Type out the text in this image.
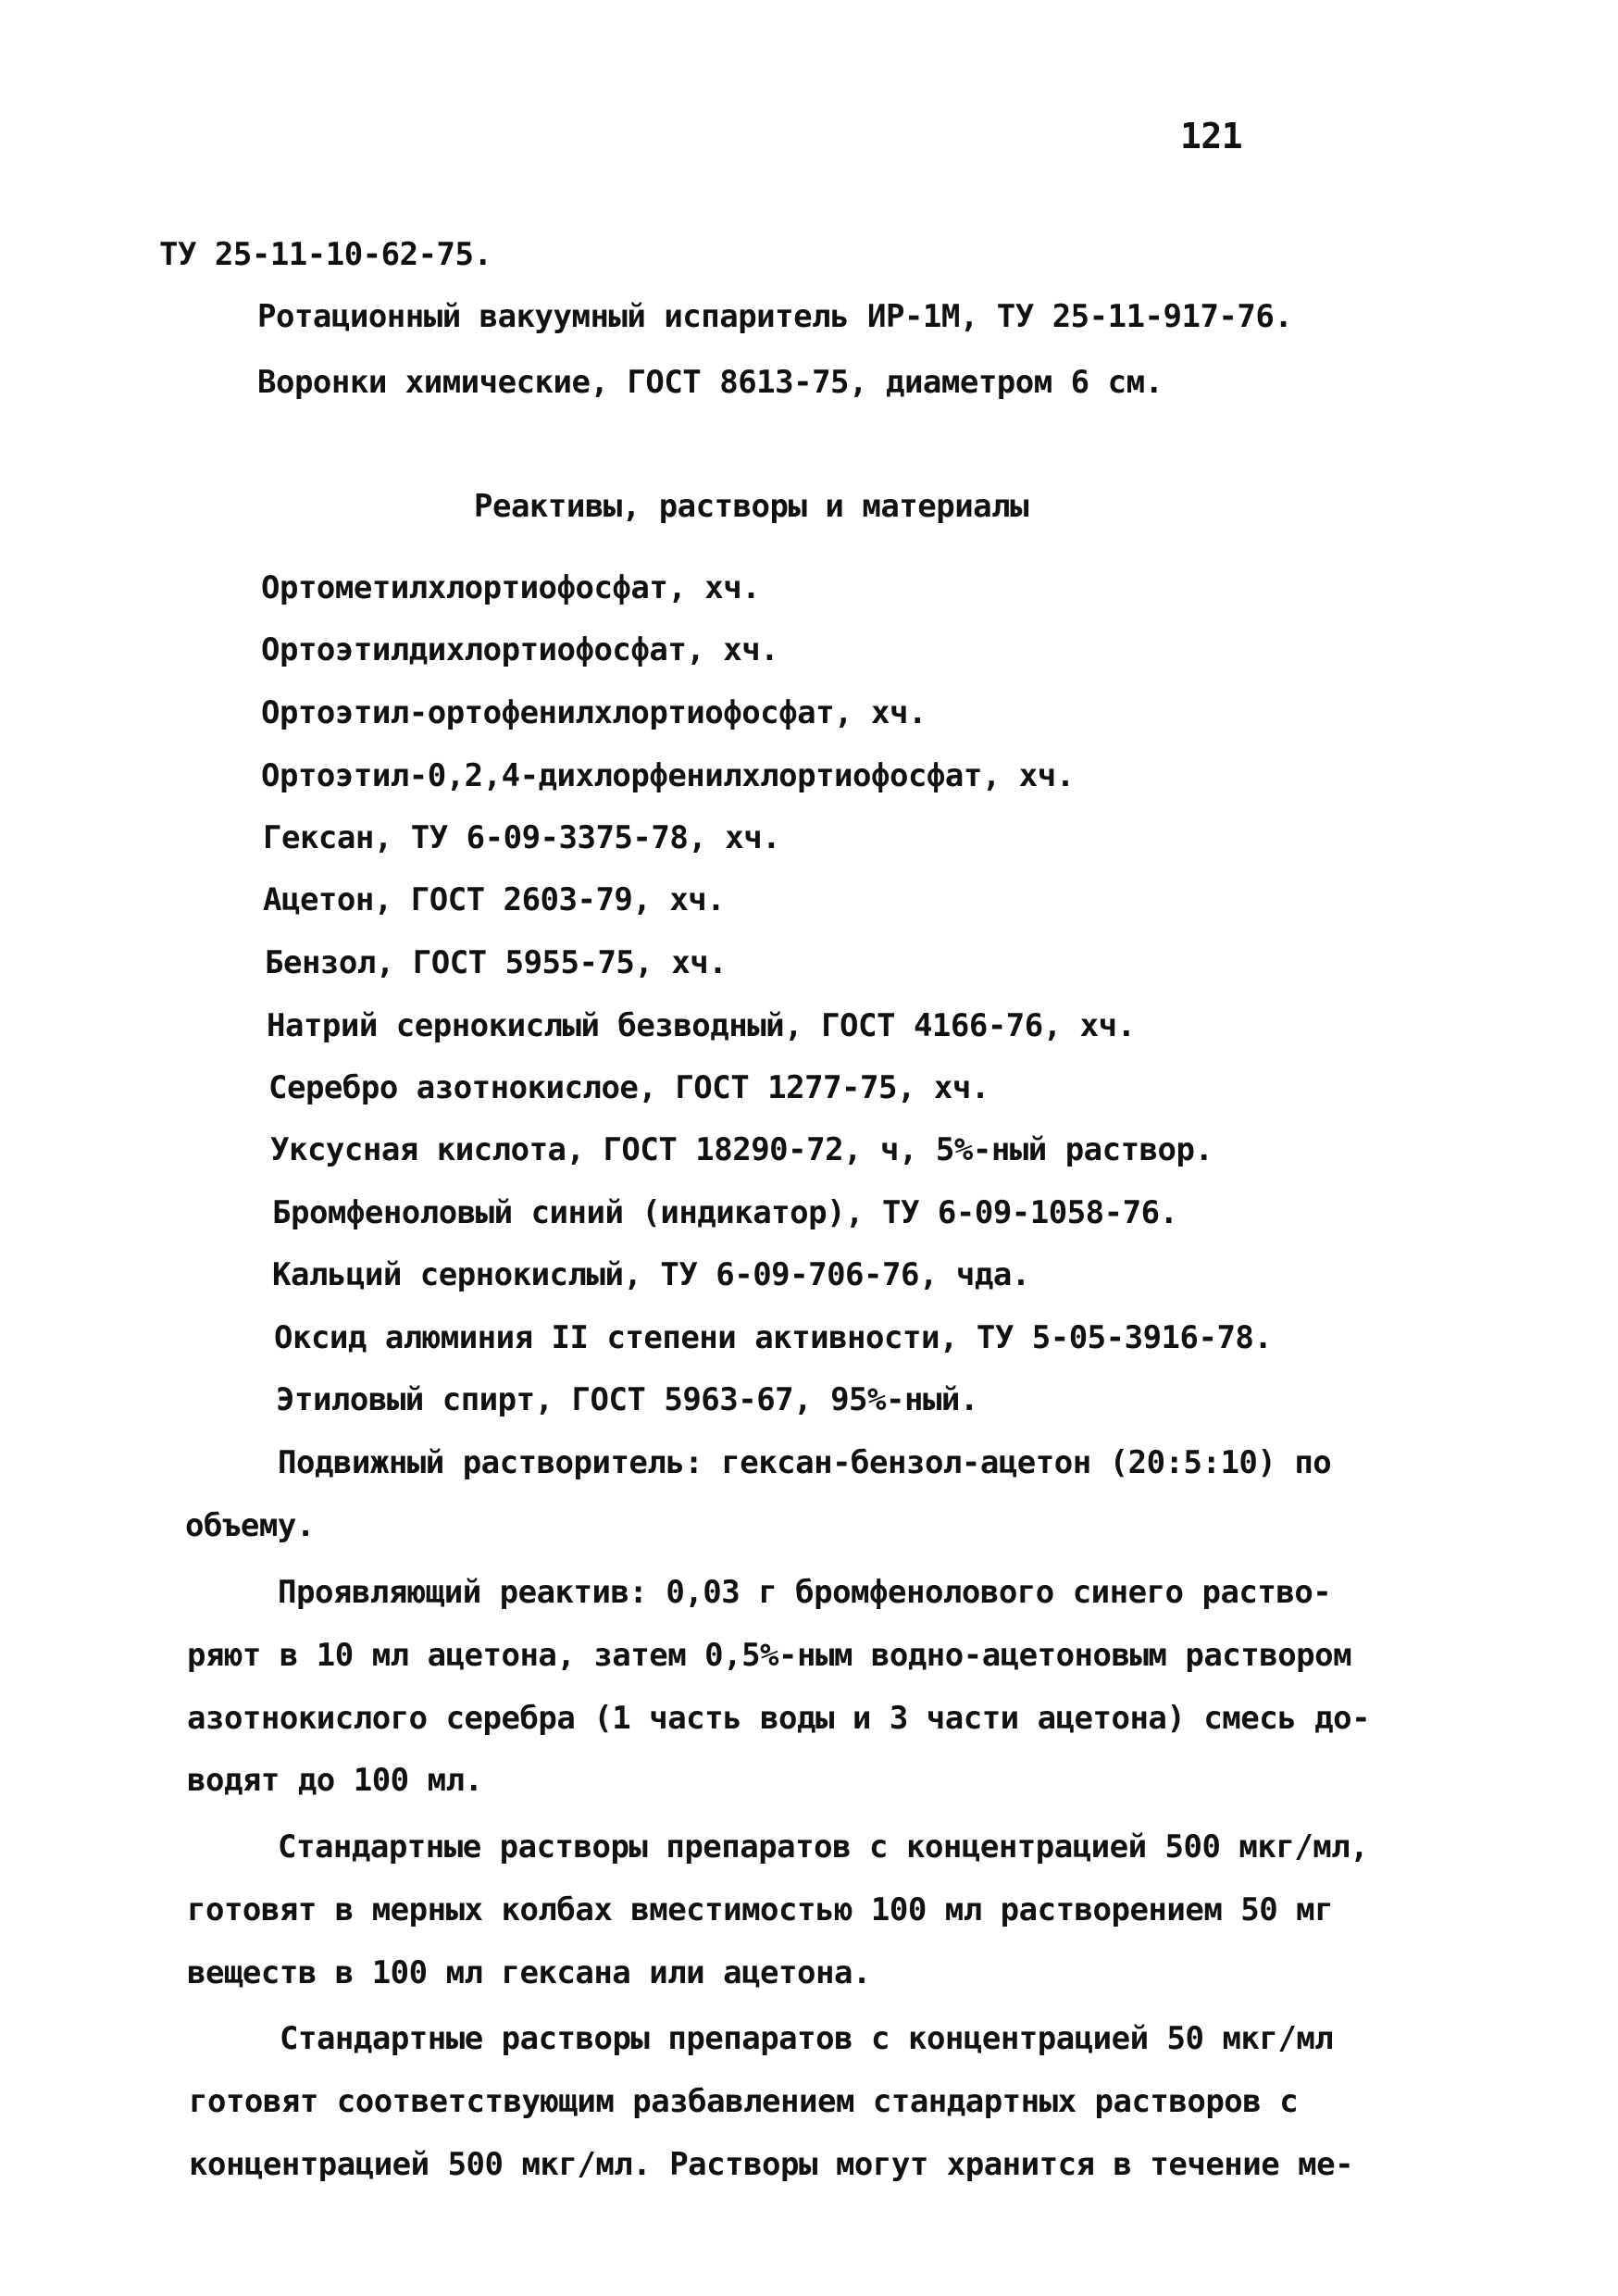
121
ТУ 25-11-10-62-75.
Ротационный вакуумный испаритель ИР-1М, ТУ 25-11-917-76.
Воронки химические, ГОСТ 8613-75, диаметром 6 см.
Реактивы, растворы и материалы
Ортометилхлортиофосфат, хч.
Ортоэтилдихлортиофосфат, хч.
Ортоэтил-ортофенилхлортиофосфат, хч.
Ортоэтил-0,2,4-дихлорфенилхлортиофосфат, хч.
Гексан, ТУ 6-09-3375-78, хч.
Ацетон, ГОСТ 2603-79, хч.
Бензол, ГОСТ 5955-75, хч.
Натрий сернокислый безводный, ГОСТ 4166-76, хч.
Серебро азотнокислое, ГОСТ 1277-75, хч.
Уксусная кислота, ГОСТ 18290-72, ч, 5%-ный раствор.
Бромфеноловый синий (индикатор), ТУ 6-09-1058-76.
Кальций сернокислый, ТУ 6-09-706-76, чда.
Оксид алюминия II степени активности, ТУ 5-05-3916-78.
Этиловый спирт, ГОСТ 5963-67, 95%-ный.
Подвижный растворитель: гексан-бензол-ацетон (20:5:10) по
объему.
Проявляющий реактив: 0,03 г бромфенолового синего раство-
ряют в 10 мл ацетона, затем 0,5%-ным водно-ацетоновым раствором
азотнокислого серебра (1 часть воды и 3 части ацетона) смесь до-
водят до 100 мл.
Стандартные растворы препаратов с концентрацией 500 мкг/мл,
готовят в мерных колбах вместимостью 100 мл растворением 50 мг
веществ в 100 мл гексана или ацетона.
Стандартные растворы препаратов с концентрацией 50 мкг/мл
готовят соответствующим разбавлением стандартных растворов с
концентрацией 500 мкг/мл. Растворы могут хранится в течение ме-
